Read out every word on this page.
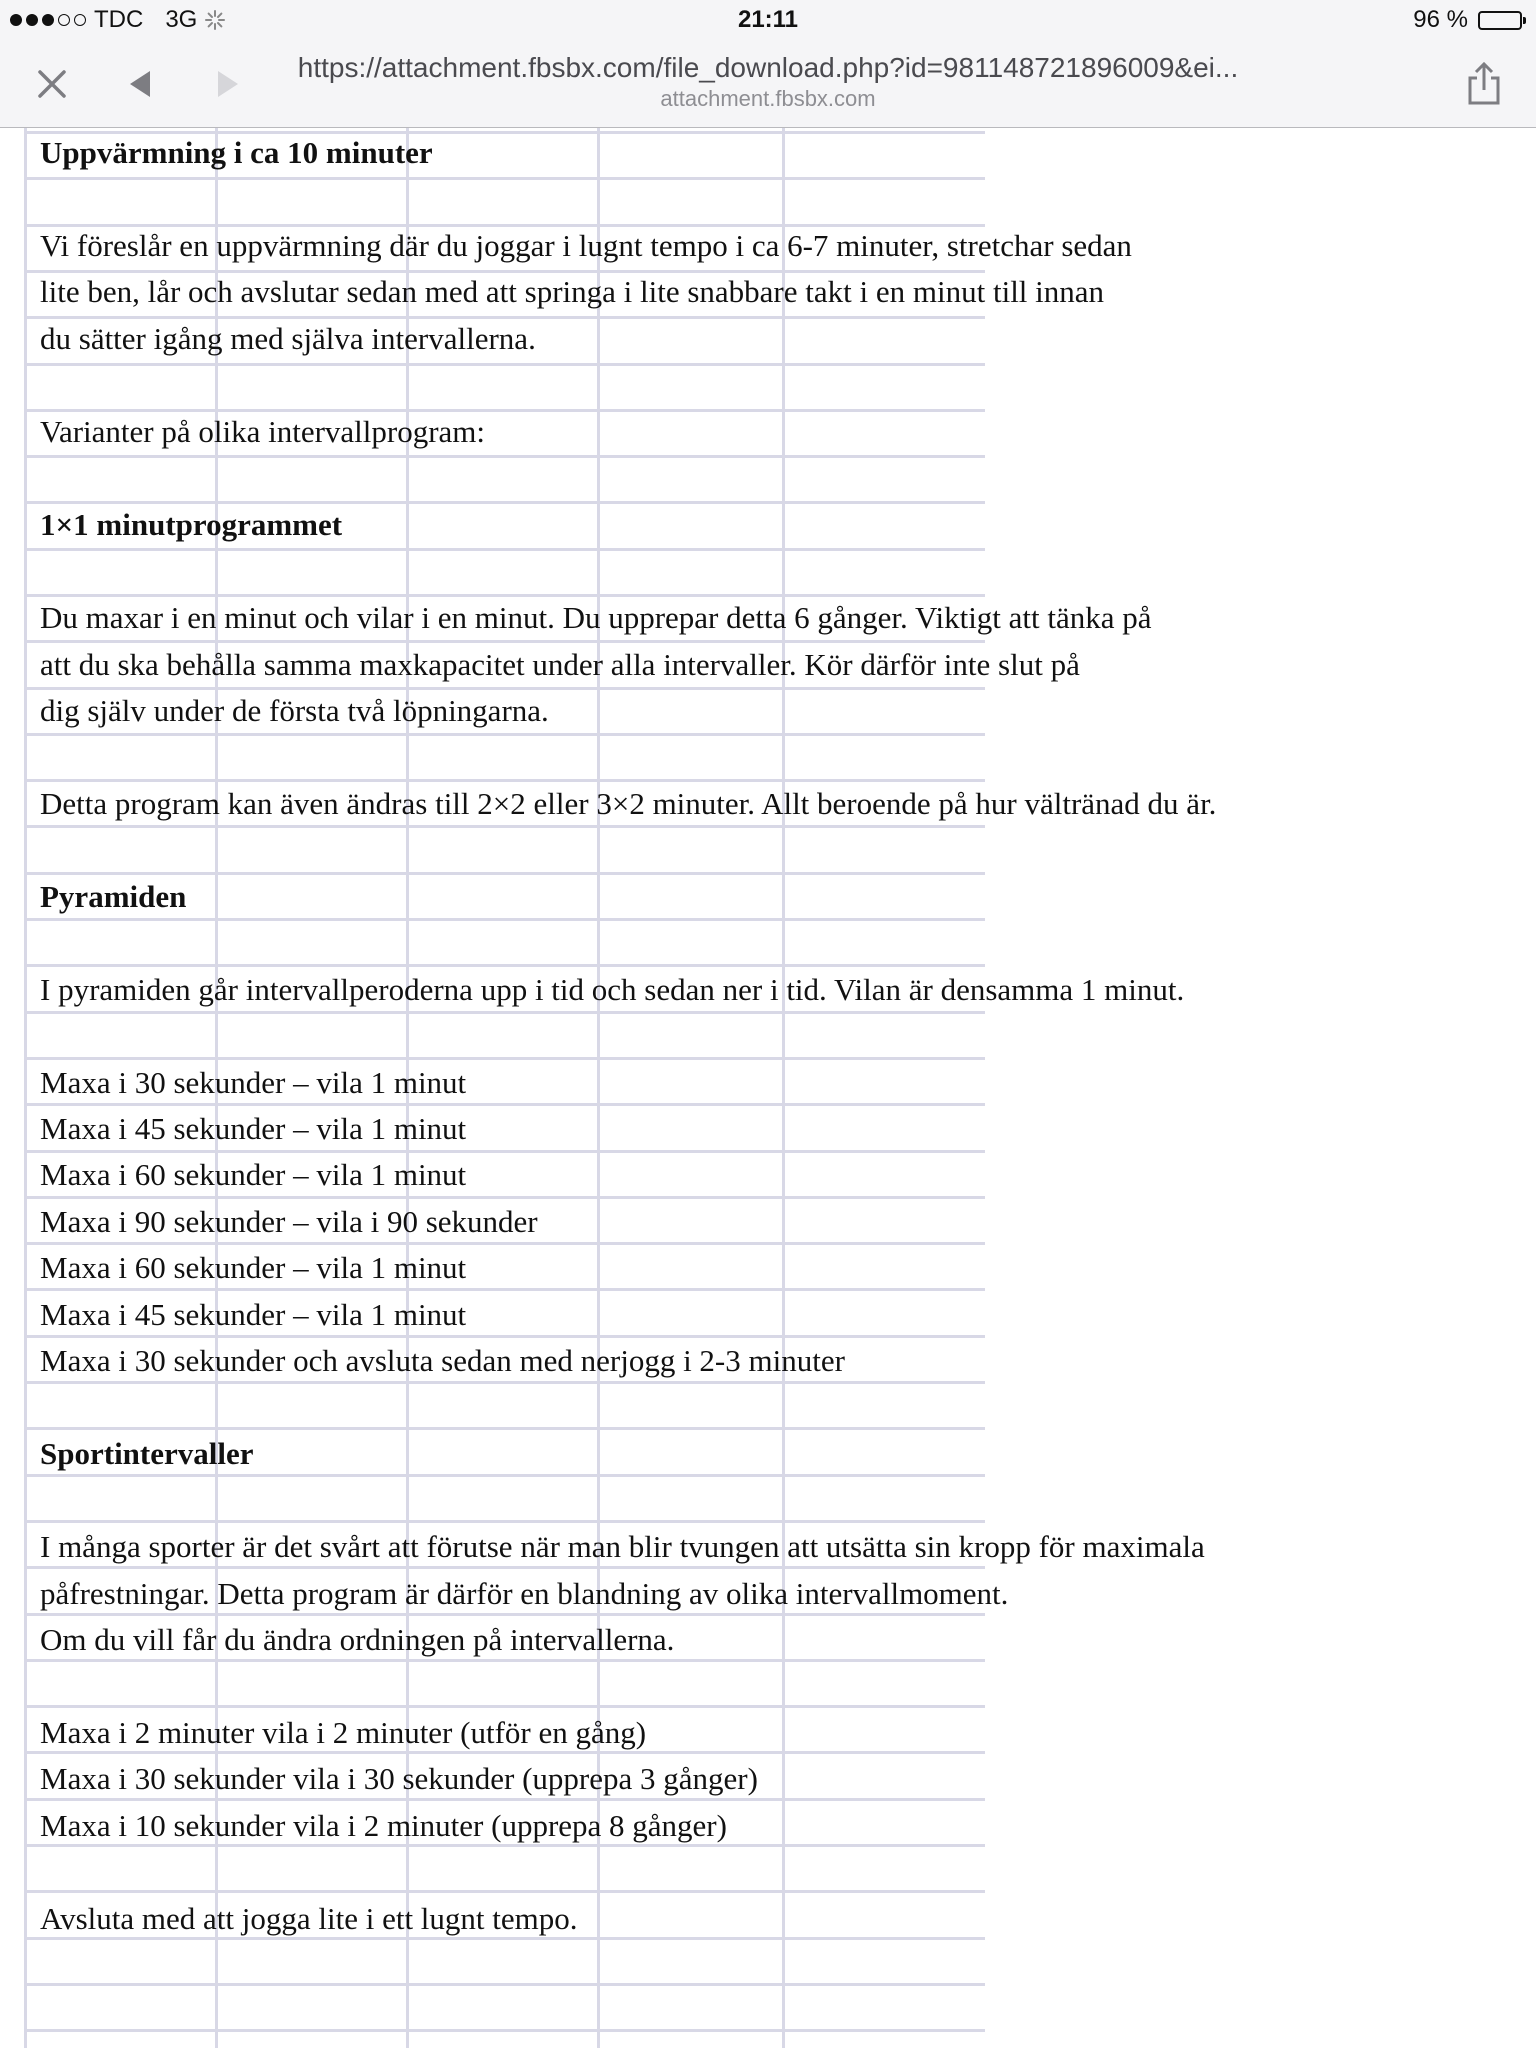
TDC 3G	21:11	96 %
https://attachment.fbsbx.com/file_download.php?id=981148721896009&ei...
attachment.fbsbx.com
Uppvärmning i ca 10 minuter
Vi föreslår en uppvärmning där du joggar i lugnt tempo i ca 6-7 minuter, stretchar sedan
lite ben, lår och avslutar sedan med att springa i lite snabbare takt i en minut till innan
du sätter igång med själva intervallerna.
Varianter på olika intervallprogram:
1×1 minutprogrammet
Du maxar i en minut och vilar i en minut. Du upprepar detta 6 gånger. Viktigt att tänka på
att du ska behålla samma maxkapacitet under alla intervaller. Kör därför inte slut på
dig själv under de första två löpningarna.
Detta program kan även ändras till 2×2 eller 3×2 minuter. Allt beroende på hur vältränad du är.
Pyramiden
I pyramiden går intervallperoderna upp i tid och sedan ner i tid. Vilan är densamma 1 minut.
Maxa i 30 sekunder – vila 1 minut
Maxa i 45 sekunder – vila 1 minut
Maxa i 60 sekunder – vila 1 minut
Maxa i 90 sekunder – vila i 90 sekunder
Maxa i 60 sekunder – vila 1 minut
Maxa i 45 sekunder – vila 1 minut
Maxa i 30 sekunder och avsluta sedan med nerjogg i 2-3 minuter
Sportintervaller
I många sporter är det svårt att förutse när man blir tvungen att utsätta sin kropp för maximala
påfrestningar. Detta program är därför en blandning av olika intervallmoment.
Om du vill får du ändra ordningen på intervallerna.
Maxa i 2 minuter vila i 2 minuter (utför en gång)
Maxa i 30 sekunder vila i 30 sekunder (upprepa 3 gånger)
Maxa i 10 sekunder vila i 2 minuter (upprepa 8 gånger)
Avsluta med att jogga lite i ett lugnt tempo.
